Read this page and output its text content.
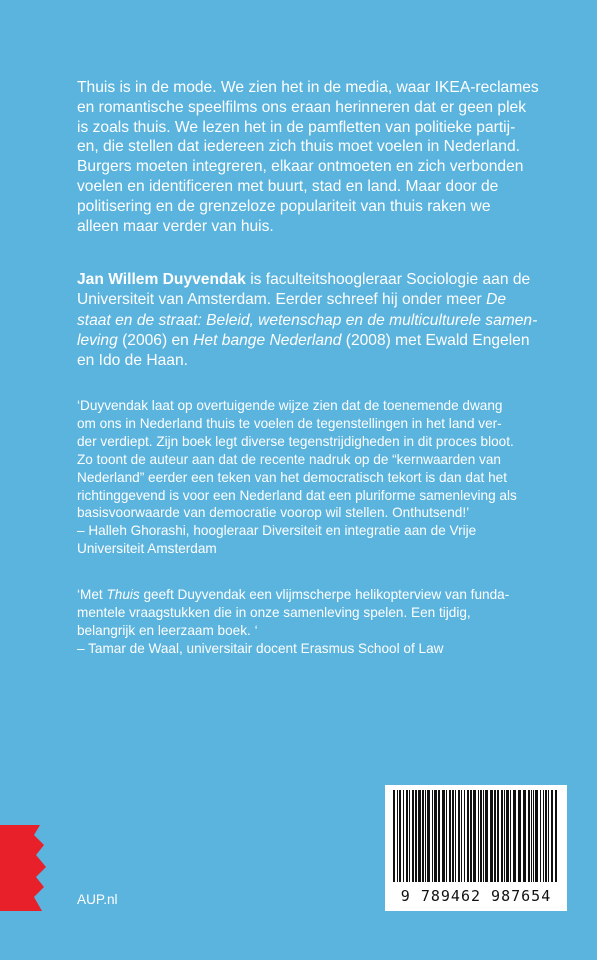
Thuis is in de mode. We zien het in de media, waar IKEA-reclames
en romantische speelfilms ons eraan herinneren dat er geen plek
is zoals thuis. We lezen het in de pamfletten van politieke partij-
en, die stellen dat iedereen zich thuis moet voelen in Nederland.
Burgers moeten integreren, elkaar ontmoeten en zich verbonden
voelen en identificeren met buurt, stad en land. Maar door de
politisering en de grenzeloze populariteit van thuis raken we
alleen maar verder van huis.

Jan Willem Duyvendak is faculteitshoogleraar Sociologie aan de
Universiteit van Amsterdam. Eerder schreef hij onder meer De
staat en de straat: Beleid, wetenschap en de multiculturele samen-
leving (2006) en Het bange Nederland (2008) met Ewald Engelen
en Ido de Haan.

‘Duyvendak laat op overtuigende wijze zien dat de toenemende dwang
om ons in Nederland thuis te voelen de tegenstellingen in het land ver-
der verdiept. Zijn boek legt diverse tegenstrijdigheden in dit proces bloot.
Zo toont de auteur aan dat de recente nadruk op de “kernwaarden van
Nederland” eerder een teken van het democratisch tekort is dan dat het
richtinggevend is voor een Nederland dat een pluriforme samenleving als
basisvoorwaarde van democratie voorop wil stellen. Onthutsend!’
– Halleh Ghorashi, hoogleraar Diversiteit en integratie aan de Vrije
Universiteit Amsterdam

‘Met Thuis geeft Duyvendak een vlijmscherpe helikopterview van funda-
mentele vraagstukken die in onze samenleving spelen. Een tijdig,
belangrijk en leerzaam boek. ‘
– Tamar de Waal, universitair docent Erasmus School of Law

9 789462 987654
AUP.nl
